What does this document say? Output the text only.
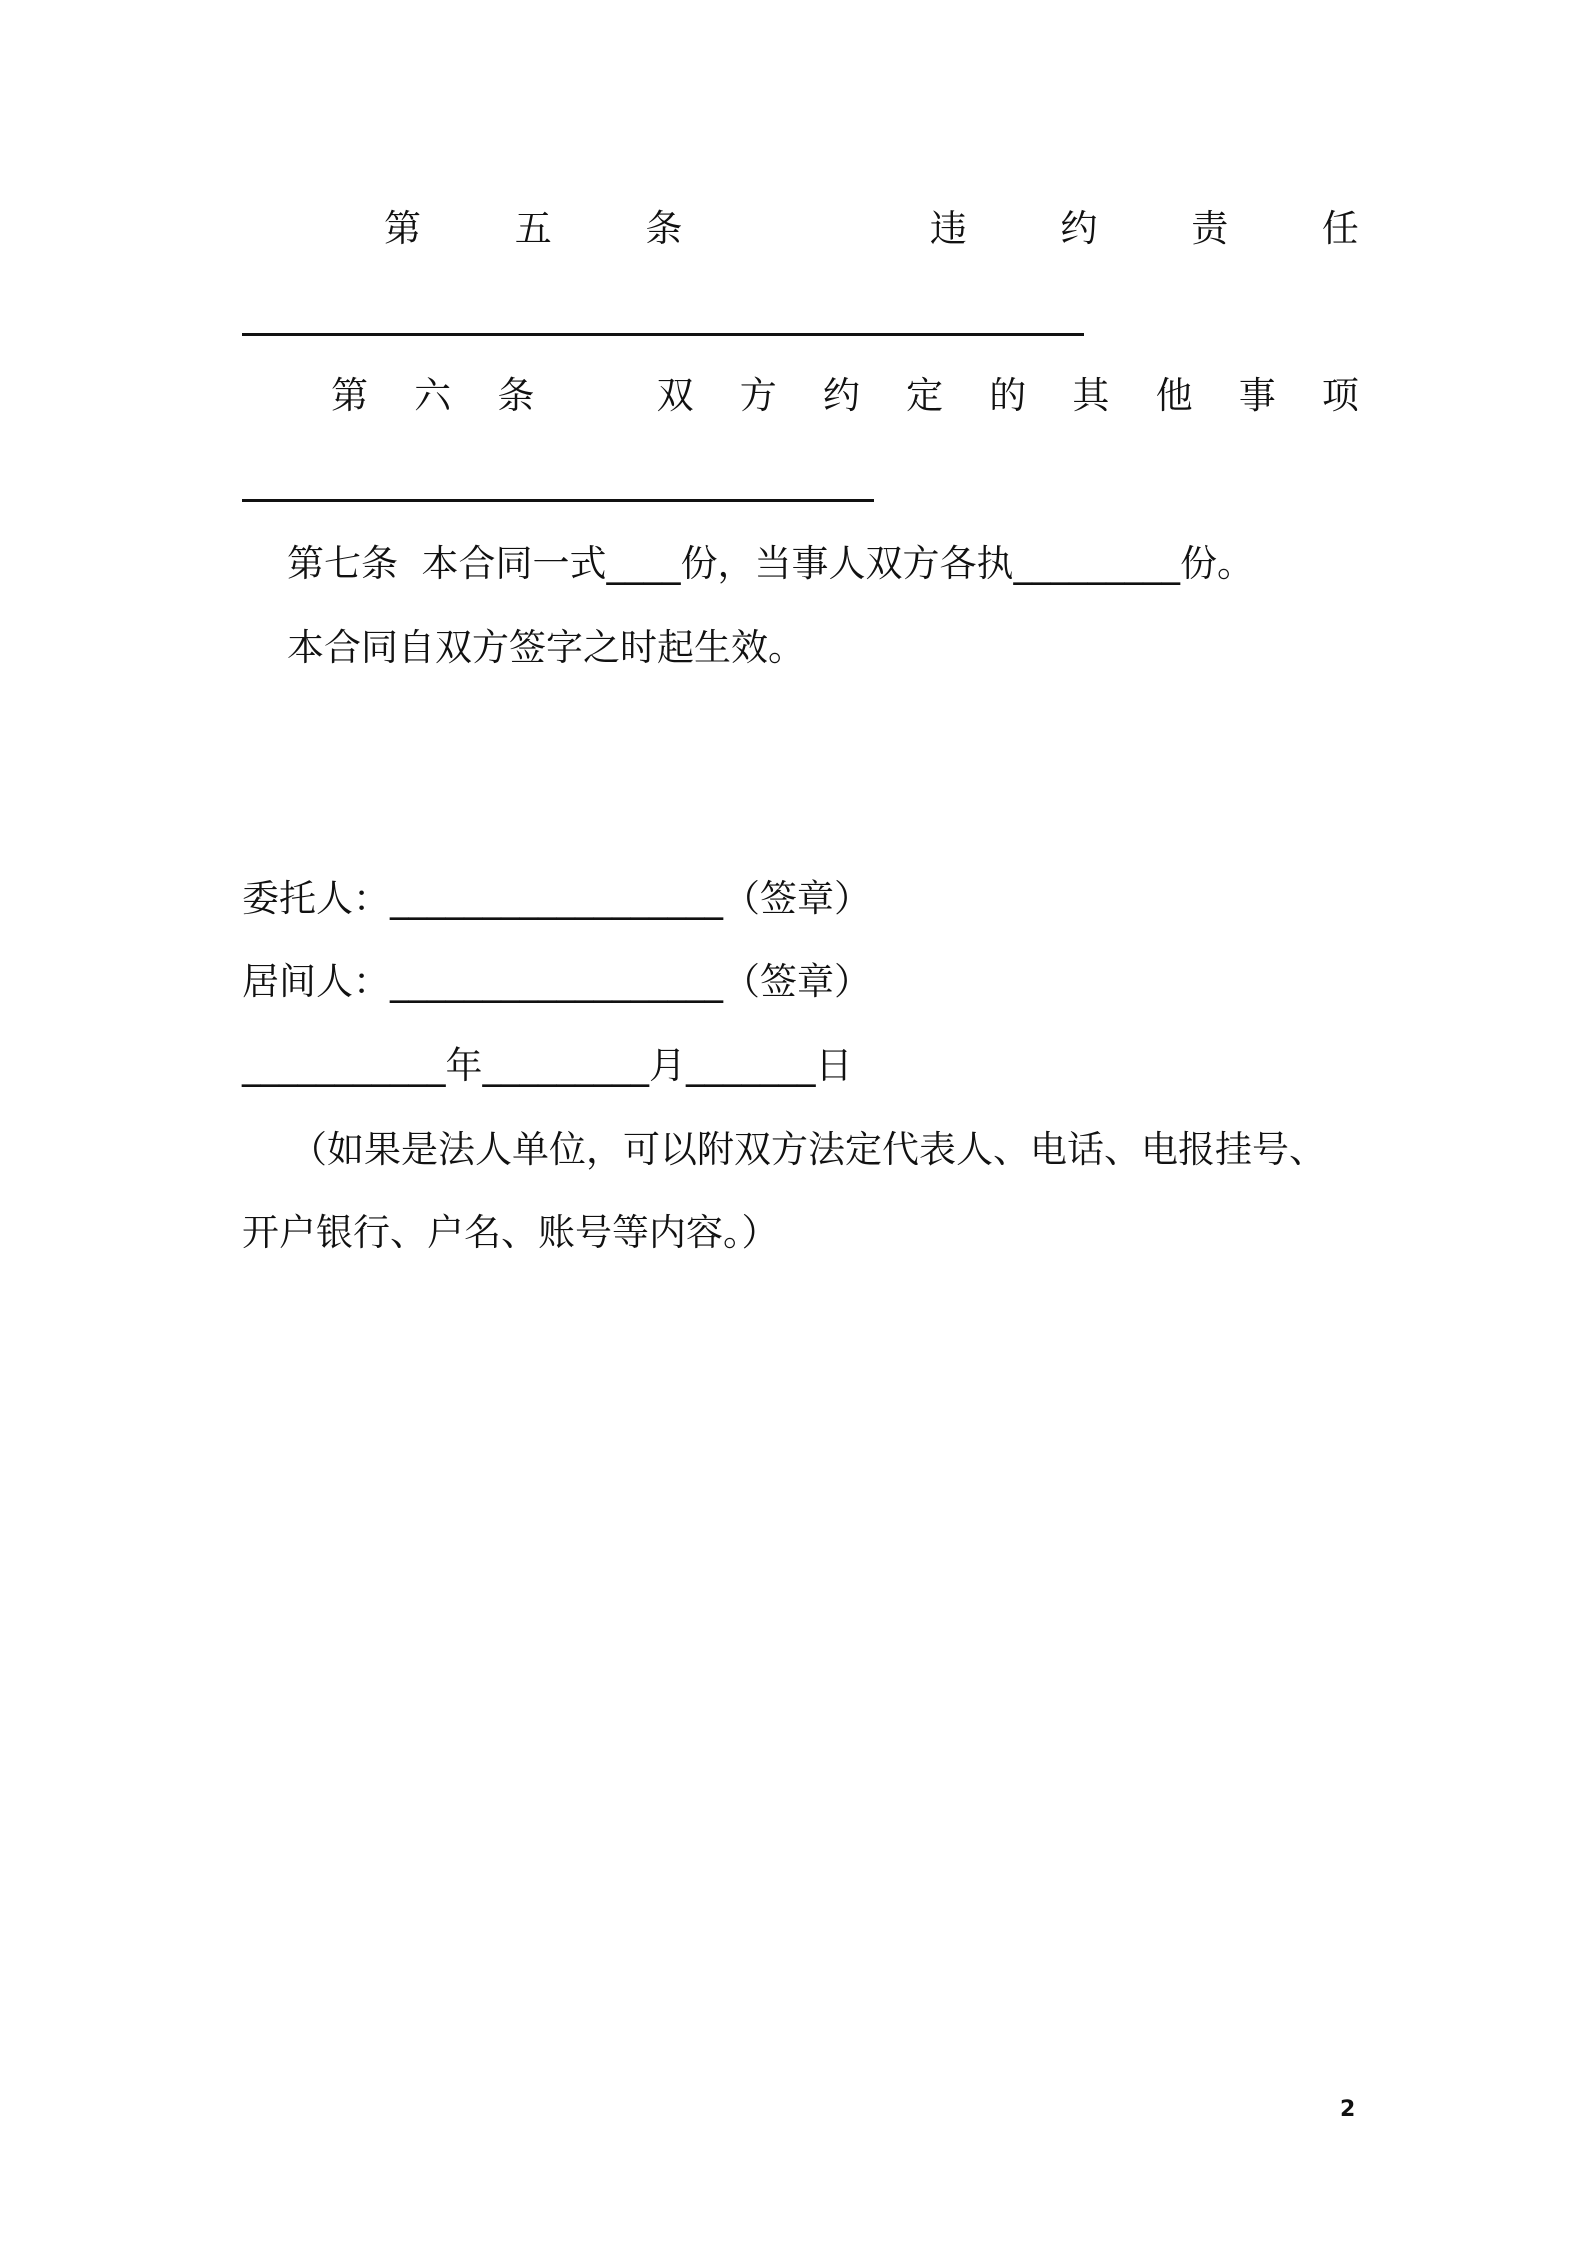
第	五	条	违	约	责	任
第 六 条	双 方 约 定 的 其 他 事 项
第七条  本合同一式____份，当事人双方各执_________份。
本合同自双方签字之时起生效。
委托人：__________________（签章）
居间人：__________________（签章）
___________年_________月_______日
（如果是法人单位，可以附双方法定代表人、电话、电报挂号、
开户银行、户名、账号等内容。）
2
